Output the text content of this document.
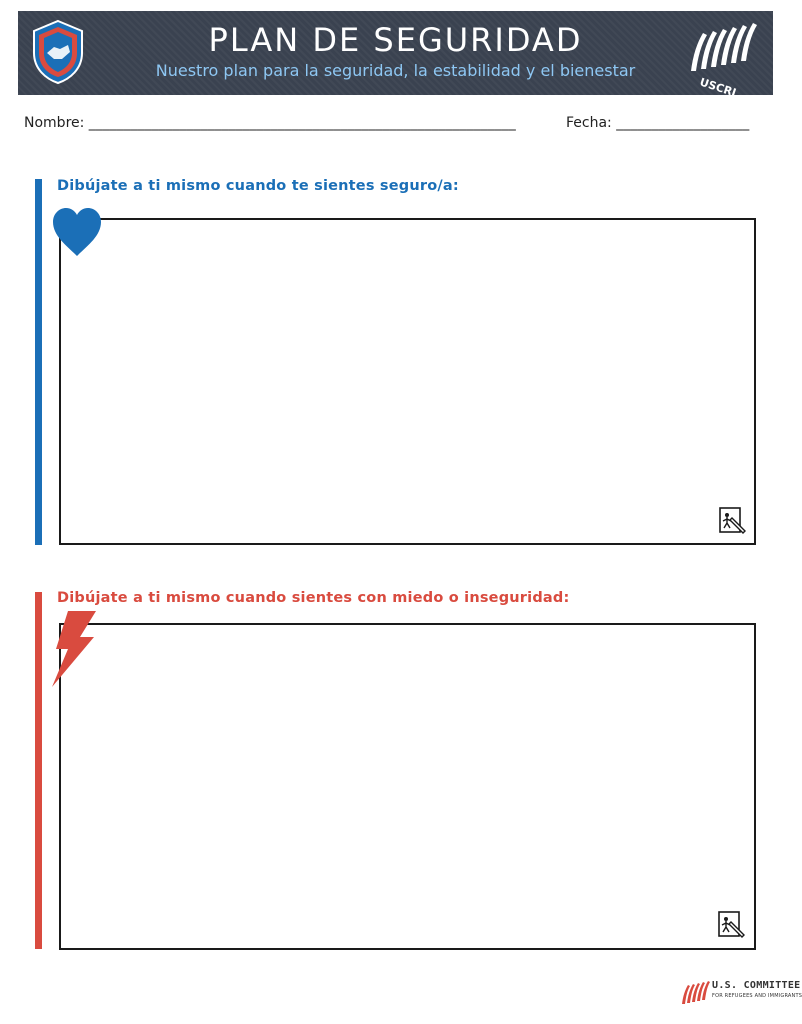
PLAN DE SEGURIDAD
Nuestro plan para la seguridad, la estabilidad y el bienestar
USCRI
Nombre: _____________________________________________________________	Fecha: ___________________
Dibújate a ti mismo cuando te sientes seguro/a:
Dibújate a ti mismo cuando sientes con miedo o inseguridad:
U.S. COMMITTEE
FOR REFUGEES AND IMMIGRANTS
